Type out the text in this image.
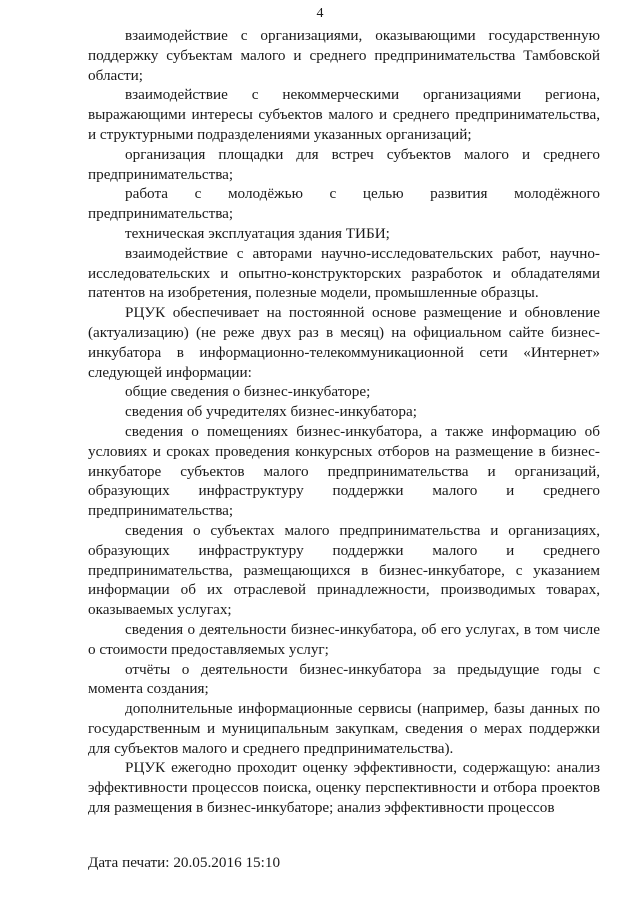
4

взаимодействие с организациями, оказывающими государственную поддержку субъектам малого и среднего предпринимательства Тамбовской области;

взаимодействие с некоммерческими организациями региона, выражающими интересы субъектов малого и среднего предпринимательства, и структурными подразделениями указанных организаций;

организация площадки для встреч субъектов малого и среднего предпринимательства;

работа с молодёжью с целью развития молодёжного предпринимательства;

техническая эксплуатация здания ТИБИ;

взаимодействие с авторами научно-исследовательских работ, научно-исследовательских и опытно-конструкторских разработок и обладателями патентов на изобретения, полезные модели, промышленные образцы.

РЦУК обеспечивает на постоянной основе размещение и обновление (актуализацию) (не реже двух раз в месяц) на официальном сайте бизнес-инкубатора в информационно-телекоммуникационной сети «Интернет» следующей информации:

общие сведения о бизнес-инкубаторе;

сведения об учредителях бизнес-инкубатора;

сведения о помещениях бизнес-инкубатора, а также информацию об условиях и сроках проведения конкурсных отборов на размещение в бизнес-инкубаторе субъектов малого предпринимательства и организаций, образующих инфраструктуру поддержки малого и среднего предпринимательства;

сведения о субъектах малого предпринимательства и организациях, образующих инфраструктуру поддержки малого и среднего предпринимательства, размещающихся в бизнес-инкубаторе, с указанием информации об их отраслевой принадлежности, производимых товарах, оказываемых услугах;

сведения о деятельности бизнес-инкубатора, об его услугах, в том числе о стоимости предоставляемых услуг;

отчёты о деятельности бизнес-инкубатора за предыдущие годы с момента создания;

дополнительные информационные сервисы (например, базы данных по государственным и муниципальным закупкам, сведения о мерах поддержки для субъектов малого и среднего предпринимательства).

РЦУК ежегодно проходит оценку эффективности, содержащую: анализ эффективности процессов поиска, оценку перспективности и отбора проектов для размещения в бизнес-инкубаторе; анализ эффективности процессов

Дата печати: 20.05.2016 15:10
